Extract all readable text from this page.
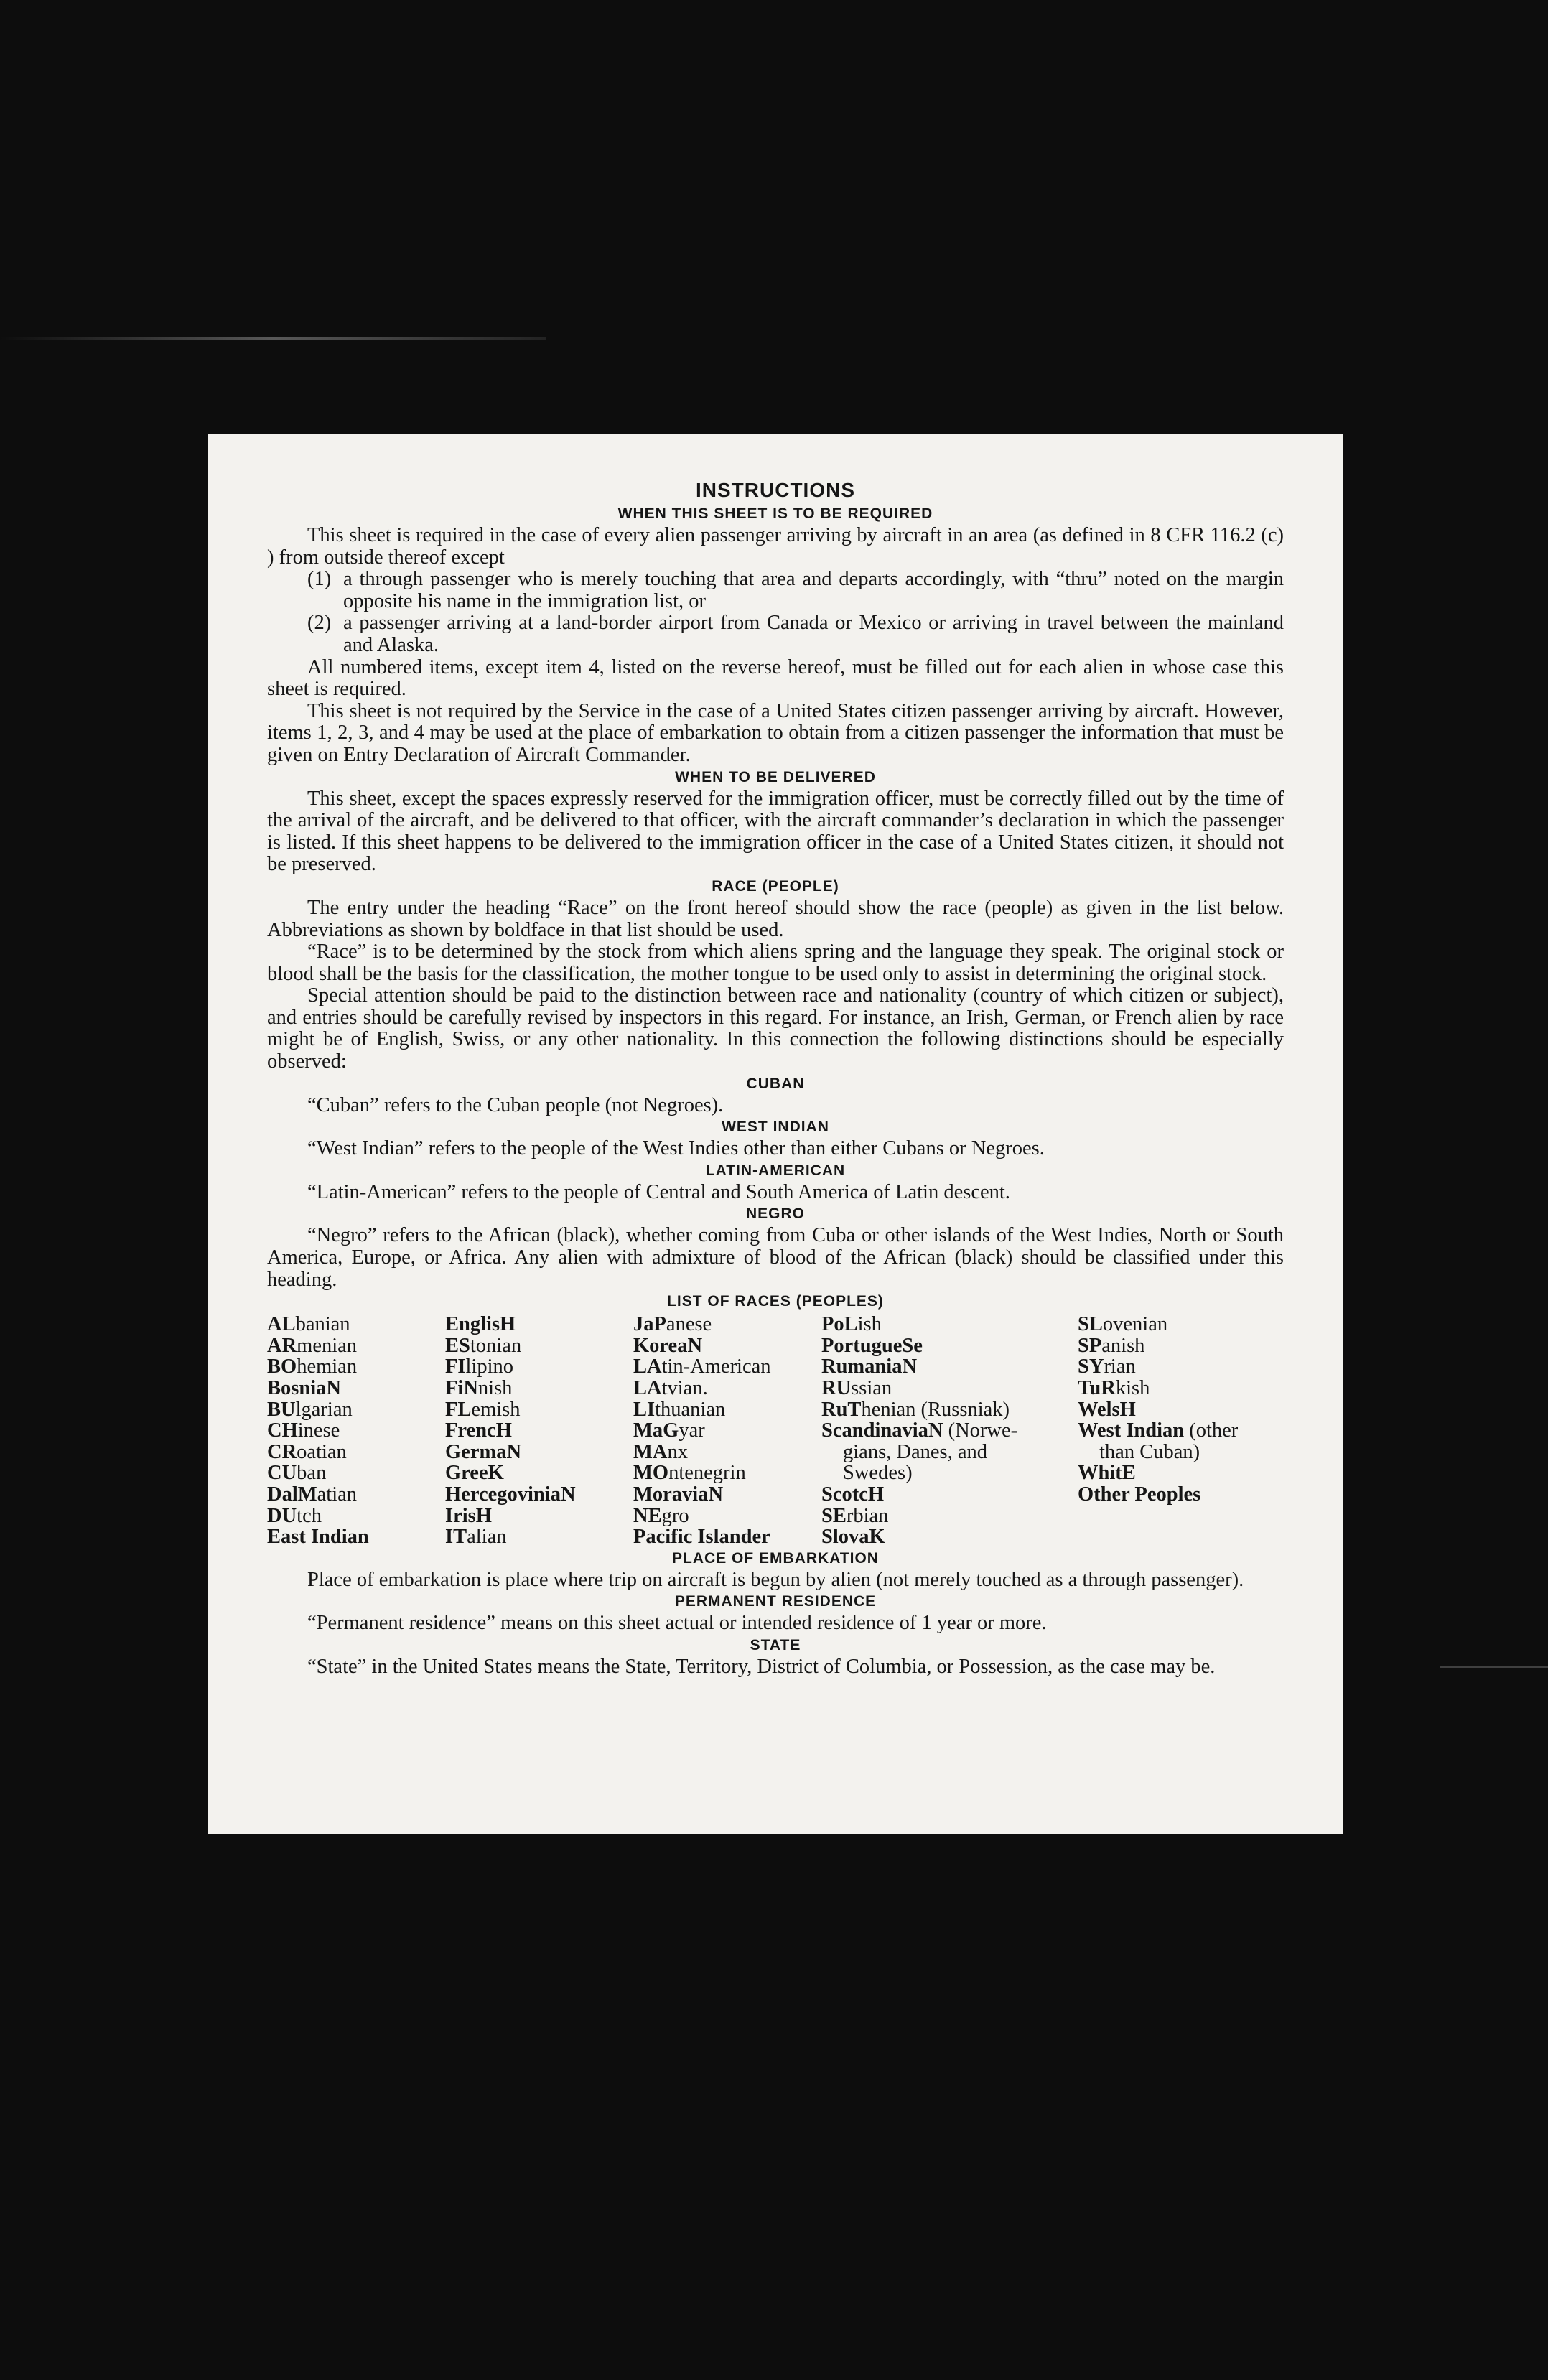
INSTRUCTIONS
WHEN THIS SHEET IS TO BE REQUIRED

This sheet is required in the case of every alien passenger arriving by aircraft in an area (as defined in 8 CFR 116.2 (c) ) from outside thereof except

(1) a through passenger who is merely touching that area and departs accordingly, with “thru” noted on the margin opposite his name in the immigration list, or
(2) a passenger arriving at a land-border airport from Canada or Mexico or arriving in travel between the mainland and Alaska.

All numbered items, except item 4, listed on the reverse hereof, must be filled out for each alien in whose case this sheet is required.

This sheet is not required by the Service in the case of a United States citizen passenger arriving by aircraft. However, items 1, 2, 3, and 4 may be used at the place of embarkation to obtain from a citizen passenger the information that must be given on Entry Declaration of Aircraft Commander.

WHEN TO BE DELIVERED

This sheet, except the spaces expressly reserved for the immigration officer, must be correctly filled out by the time of the arrival of the aircraft, and be delivered to that officer, with the aircraft commander’s declaration in which the passenger is listed. If this sheet happens to be delivered to the immigration officer in the case of a United States citizen, it should not be preserved.

RACE (PEOPLE)

The entry under the heading “Race” on the front hereof should show the race (people) as given in the list below. Abbreviations as shown by boldface in that list should be used.

“Race” is to be determined by the stock from which aliens spring and the language they speak. The original stock or blood shall be the basis for the classification, the mother tongue to be used only to assist in determining the original stock.

Special attention should be paid to the distinction between race and nationality (country of which citizen or subject), and entries should be carefully revised by inspectors in this regard. For instance, an Irish, German, or French alien by race might be of English, Swiss, or any other nationality. In this connection the following distinctions should be especially observed:

CUBAN

“Cuban” refers to the Cuban people (not Negroes).

WEST INDIAN

“West Indian” refers to the people of the West Indies other than either Cubans or Negroes.

LATIN-AMERICAN

“Latin-American” refers to the people of Central and South America of Latin descent.

NEGRO

“Negro” refers to the African (black), whether coming from Cuba or other islands of the West Indies, North or South America, Europe, or Africa. Any alien with admixture of blood of the African (black) should be classified under this heading.

LIST OF RACES (PEOPLES)
ALbanian
ARmenian
BOhemian
BosniaN
BUlgarian
CHinese
CRoatian
CUban
DalMatian
DUtch
East Indian
EnglisH
EStonian
FIlipino
FiNnish
FLemish
FrencH
GermaN
GreeK
HercegoviniaN
IrisH
ITalian
JaPanese
KoreaN
LAtin-American
LAtvian.
LIthuanian
MaGyar
MAnx
MOntenegrin
MoraviaN
NEgro
Pacific Islander
PoLish
PortugueSe
RumaniaN
RUssian
RuThenian (Russniak)
ScandinaviaN (Norwe-
gians, Danes, and
Swedes)
ScotcH
SErbian
SlovaK
SLovenian
SPanish
SYrian
TuRkish
WelsH
West Indian (other
than Cuban)
WhitE
Other Peoples
PLACE OF EMBARKATION

Place of embarkation is place where trip on aircraft is begun by alien (not merely touched as a through passenger).

PERMANENT RESIDENCE

“Permanent residence” means on this sheet actual or intended residence of 1 year or more.

STATE

“State” in the United States means the State, Territory, District of Columbia, or Possession, as the case may be.
